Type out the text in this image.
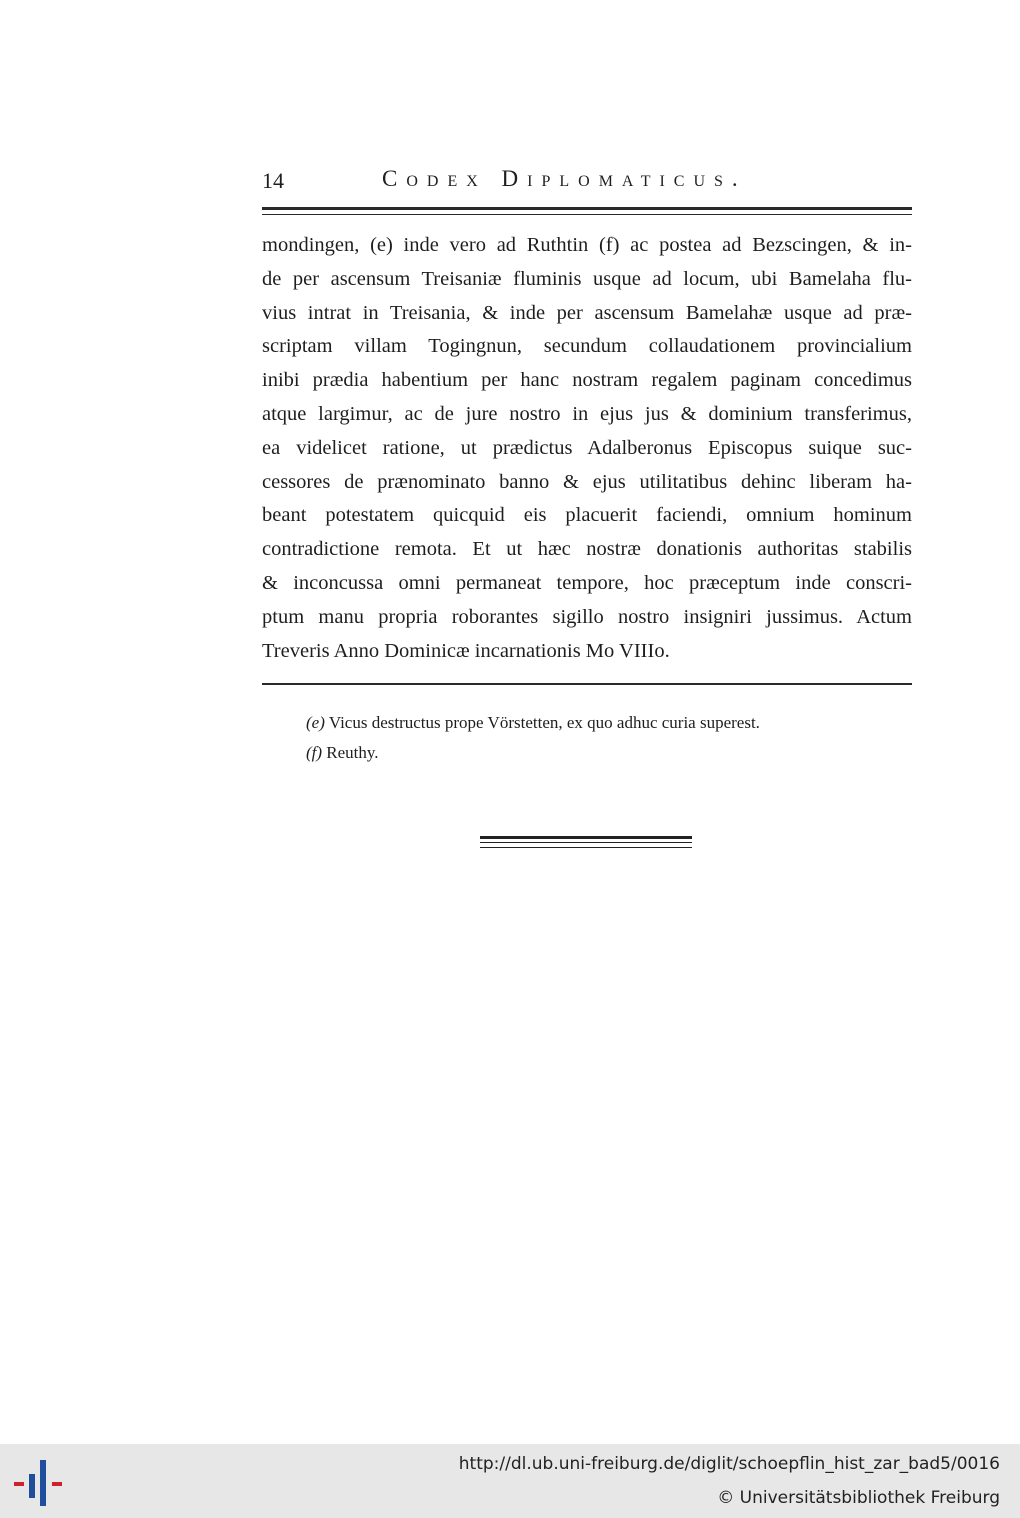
14	Codex Diplomaticus.
mondingen, (e) inde vero ad Ruthtin (f) ac postea ad Bezscingen, & in-
de per ascensum Treisaniæ fluminis usque ad locum, ubi Bamelaha flu-
vius intrat in Treisania, & inde per ascensum Bamelahæ usque ad præ-
scriptam villam Togingnun, secundum collaudationem provincialium
inibi prædia habentium per hanc nostram regalem paginam concedimus
atque largimur, ac de jure nostro in ejus jus & dominium transferimus,
ea videlicet ratione, ut prædictus Adalberonus Episcopus suique suc-
cessores de prænominato banno & ejus utilitatibus dehinc liberam ha-
beant potestatem quicquid eis placuerit faciendi, omnium hominum
contradictione remota. Et ut hæc nostræ donationis authoritas stabilis
& inconcussa omni permaneat tempore, hoc præceptum inde conscri-
ptum manu propria roborantes sigillo nostro insigniri jussimus. Actum
Treveris Anno Dominicæ incarnationis Mo VIIIo.
(e) Vicus destructus prope Vörstetten, ex quo adhuc curia superest.
(f) Reuthy.
http://dl.ub.uni-freiburg.de/diglit/schoepflin_hist_zar_bad5/0016
© Universitätsbibliothek Freiburg
